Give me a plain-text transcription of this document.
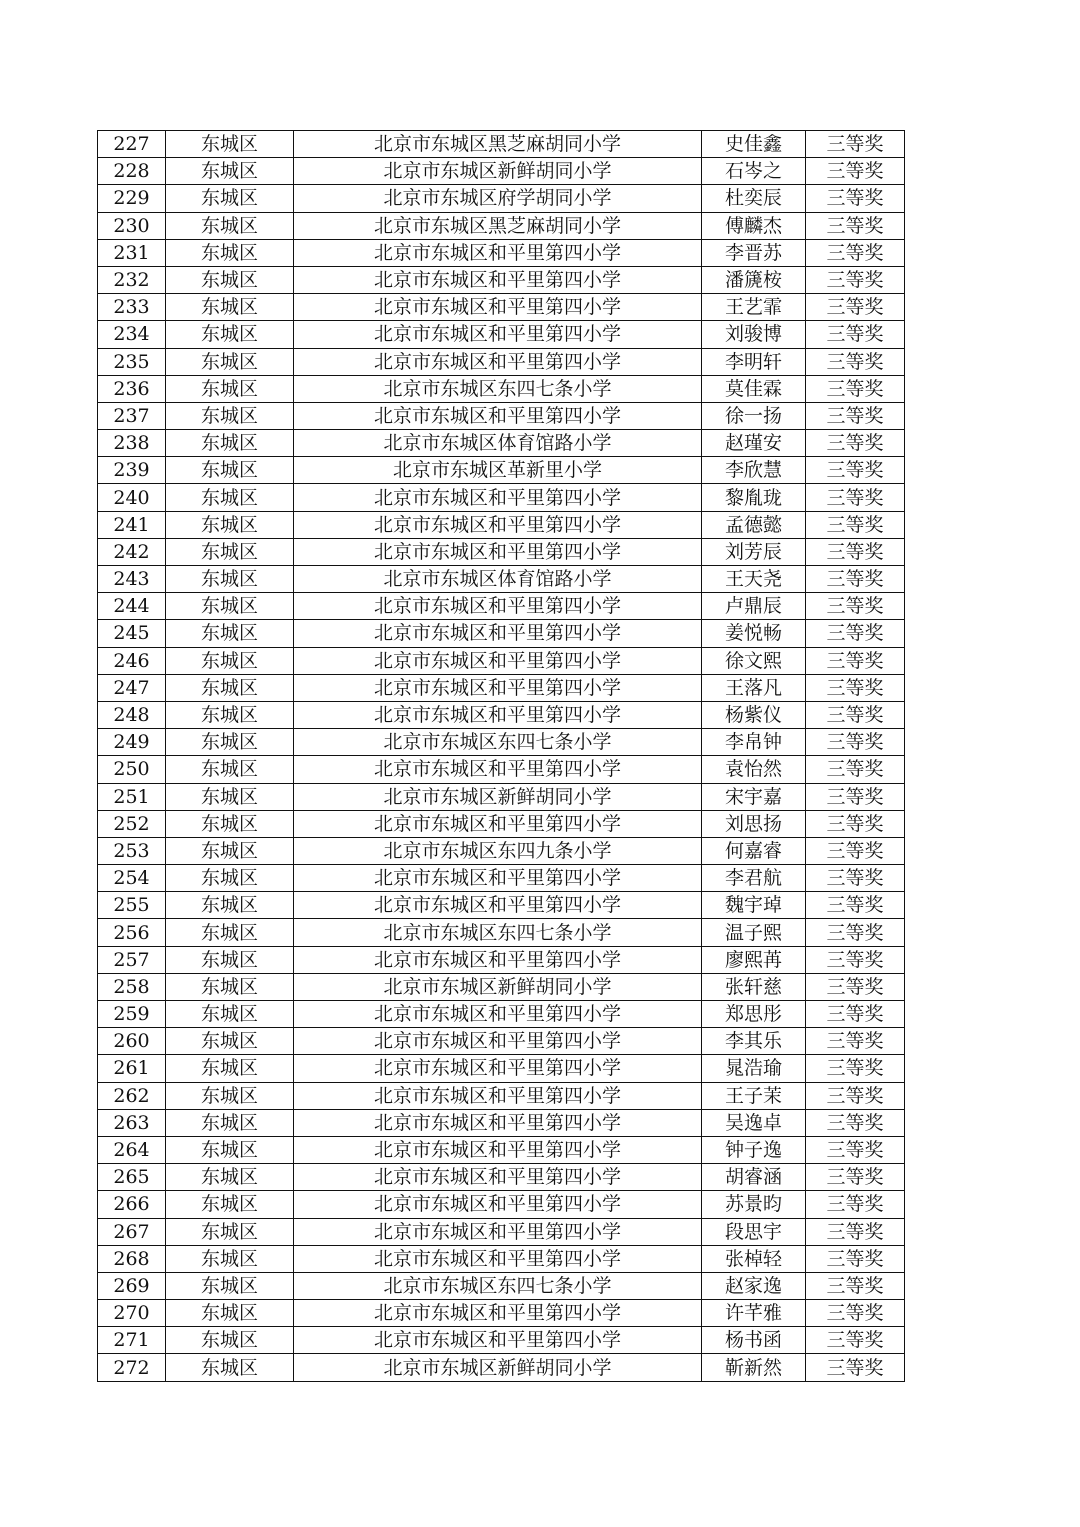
227	东城区	北京市东城区黑芝麻胡同小学	史佳鑫	三等奖
228	东城区	北京市东城区新鲜胡同小学	石岑之	三等奖
229	东城区	北京市东城区府学胡同小学	杜奕辰	三等奖
230	东城区	北京市东城区黑芝麻胡同小学	傅麟杰	三等奖
231	东城区	北京市东城区和平里第四小学	李晋苏	三等奖
232	东城区	北京市东城区和平里第四小学	潘篪桉	三等奖
233	东城区	北京市东城区和平里第四小学	王艺霏	三等奖
234	东城区	北京市东城区和平里第四小学	刘骏博	三等奖
235	东城区	北京市东城区和平里第四小学	李明轩	三等奖
236	东城区	北京市东城区东四七条小学	莫佳霖	三等奖
237	东城区	北京市东城区和平里第四小学	徐一扬	三等奖
238	东城区	北京市东城区体育馆路小学	赵瑾安	三等奖
239	东城区	北京市东城区革新里小学	李欣慧	三等奖
240	东城区	北京市东城区和平里第四小学	黎胤珑	三等奖
241	东城区	北京市东城区和平里第四小学	孟德懿	三等奖
242	东城区	北京市东城区和平里第四小学	刘芳辰	三等奖
243	东城区	北京市东城区体育馆路小学	王天尧	三等奖
244	东城区	北京市东城区和平里第四小学	卢鼎辰	三等奖
245	东城区	北京市东城区和平里第四小学	姜悦畅	三等奖
246	东城区	北京市东城区和平里第四小学	徐文熙	三等奖
247	东城区	北京市东城区和平里第四小学	王落凡	三等奖
248	东城区	北京市东城区和平里第四小学	杨紫仪	三等奖
249	东城区	北京市东城区东四七条小学	李帛钟	三等奖
250	东城区	北京市东城区和平里第四小学	袁怡然	三等奖
251	东城区	北京市东城区新鲜胡同小学	宋宇嘉	三等奖
252	东城区	北京市东城区和平里第四小学	刘思扬	三等奖
253	东城区	北京市东城区东四九条小学	何嘉睿	三等奖
254	东城区	北京市东城区和平里第四小学	李君航	三等奖
255	东城区	北京市东城区和平里第四小学	魏宇琸	三等奖
256	东城区	北京市东城区东四七条小学	温子熙	三等奖
257	东城区	北京市东城区和平里第四小学	廖熙苒	三等奖
258	东城区	北京市东城区新鲜胡同小学	张轩慈	三等奖
259	东城区	北京市东城区和平里第四小学	郑思彤	三等奖
260	东城区	北京市东城区和平里第四小学	李其乐	三等奖
261	东城区	北京市东城区和平里第四小学	晁浩瑜	三等奖
262	东城区	北京市东城区和平里第四小学	王子茉	三等奖
263	东城区	北京市东城区和平里第四小学	吴逸卓	三等奖
264	东城区	北京市东城区和平里第四小学	钟子逸	三等奖
265	东城区	北京市东城区和平里第四小学	胡睿涵	三等奖
266	东城区	北京市东城区和平里第四小学	苏景昀	三等奖
267	东城区	北京市东城区和平里第四小学	段思宇	三等奖
268	东城区	北京市东城区和平里第四小学	张棹轻	三等奖
269	东城区	北京市东城区东四七条小学	赵家逸	三等奖
270	东城区	北京市东城区和平里第四小学	许芊雅	三等奖
271	东城区	北京市东城区和平里第四小学	杨书函	三等奖
272	东城区	北京市东城区新鲜胡同小学	靳新然	三等奖
